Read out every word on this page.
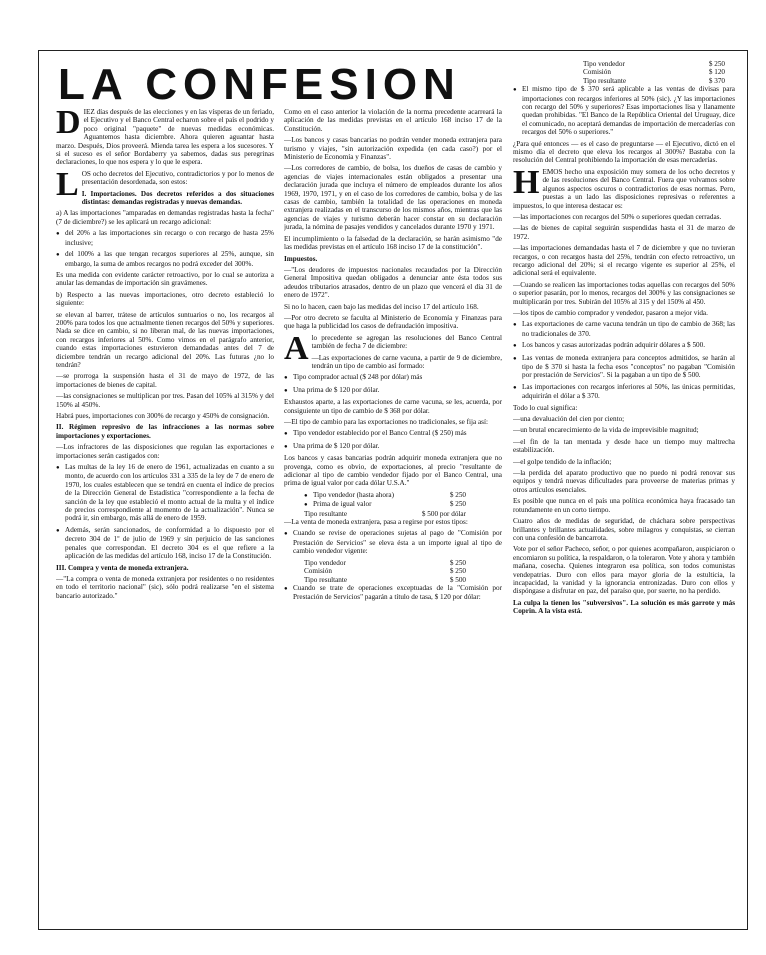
LA CONFESION

DIEZ días después de las elecciones y en las vísperas de un feriado, el Ejecutivo y el Banco Central echaron sobre el país el podrido y poco original "paquete" de nuevas medidas económicas. Aguantemos hasta diciembre. Ahora quieren aguantar hasta marzo. Después, Dios proveerá. Mienda tarea les espera a los sucesores. Y si el suceso es el señor Bordaberry ya sabemos, dadas sus peregrinas declaraciones, lo que nos espera y lo que le espera.

LOS ocho decretos del Ejecutivo, contradictorios y por lo menos de presentación desordenada, son estos:

I. Importaciones. Dos decretos referidos a dos situaciones distintas: demandas registradas y nuevas demandas.

a) A las importaciones "amparadas en demandas registradas hasta la fecha" (7 de diciembre?) se les aplicará un recargo adicional:

● del 20% a las importaciones sin recargo o con recargo de hasta 25% inclusive;

● del 100% a las que tengan recargos superiores al 25%, aunque, sin embargo, la suma de ambos recargos no podrá exceder del 300%.

Es una medida con evidente carácter retroactivo, por lo cual se autoriza a anular las demandas de importación sin gravámenes.

b) Respecto a las nuevas importaciones, otro decreto estableció lo siguiente:

se elevan al barrer, trátese de artículos suntuarios o no, los recargos al 200% para todos los que actualmente tienen recargos del 50% y superiores. Nada se dice en cambio, si no liberan mal, de las nuevas importaciones, con recargos inferiores al 50%. Como vimos en el parágrafo anterior, cuando estas importaciones estuvieron demandadas antes del 7 de diciembre tendrán un recargo adicional del 20%. Las futuras ¿no lo tendrán?

—se prorroga la suspensión hasta el 31 de mayo de 1972, de las importaciones de bienes de capital.

—las consignaciones se multiplican por tres. Pasan del 105% al 315% y del 150% al 450%.

Habrá pues, importaciones con 300% de recargo y 450% de consignación.

II. Régimen represivo de las infracciones a las normas sobre importaciones y exportaciones.

—Los infractores de las disposiciones que regulan las exportaciones e importaciones serán castigados con:

● Las multas de la ley 16 de enero de 1961, actualizadas en cuanto a su monto, de acuerdo con los artículos 331 a 335 de la ley de 7 de enero de 1970, los cuales establecen que se tendrá en cuenta el índice de precios de la Dirección General de Estadística "correspondiente a la fecha de sanción de la ley que estableció el monto actual de la multa y el índice de precios correspondiente al momento de la actualización". Nunca se podrá ir, sin embargo, más allá de enero de 1959.

● Además, serán sancionados, de conformidad a lo dispuesto por el decreto 304 de 1º de julio de 1969 y sin perjuicio de las sanciones penales que correspondan. El decreto 304 es el que refiere a la aplicación de las medidas del artículo 168, inciso 17 de la Constitución.

III. Compra y venta de moneda extranjera.

—"La compra o venta de moneda extranjera por residentes o no residentes en todo el territorio nacional" (sic), sólo podrá realizarse "en el sistema bancario autorizado."

Como en el caso anterior la violación de la norma precedente acarreará la aplicación de las medidas previstas en el artículo 168 inciso 17 de la Constitución.

—Los bancos y casas bancarias no podrán vender moneda extranjera para turismo y viajes, "sin autorización expedida (en cada caso?) por el Ministerio de Economía y Finanzas".

—Los corredores de cambio, de bolsa, los dueños de casas de cambio y agencias de viajes internacionales están obligados a presentar una declaración jurada que incluya el número de empleados durante los años 1969, 1970, 1971, y en el caso de los corredores de cambio, bolsa y de las casas de cambio, también la totalidad de las operaciones en moneda extranjera realizadas en el transcurso de los mismos años, mientras que las agencias de viajes y turismo deberán hacer constar en su declaración jurada, la nómina de pasajes vendidos y cancelados durante 1970 y 1971.

El incumplimiento o la falsedad de la declaración, se harán asimismo "de las medidas previstas en el artículo 168 inciso 17 de la constitución".

Impuestos.

—"Los deudores de impuestos nacionales recaudados por la Dirección General Impositiva quedan obligados a denunciar ante ésta todos sus adeudos tributarios atrasados, dentro de un plazo que vencerá el día 31 de enero de 1972".

Si no lo hacen, caen bajo las medidas del inciso 17 del artículo 168.

—Por otro decreto se faculta al Ministerio de Economía y Finanzas para que haga la publicidad los casos de defraudación impositiva.

Alo precedente se agregan las resoluciones del Banco Central también de fecha 7 de diciembre:

—Las exportaciones de carne vacuna, a partir de 9 de diciembre, tendrán un tipo de cambio así formado:

● Tipo comprador actual ($ 248 por dólar) más

● Una prima de $ 120 por dólar.

Exhaustos aparte, a las exportaciones de carne vacuna, se les, acuerda, por consiguiente un tipo de cambio de $ 368 por dólar.

—El tipo de cambio para las exportaciones no tradicionales, se fija así:

● Tipo vendedor establecido por el Banco Central ($ 250) más

● Una prima de $ 120 por dólar.

Los bancos y casas bancarias podrán adquirir moneda extranjera que no provenga, como es obvio, de exportaciones, al precio "resultante de adicionar al tipo de cambio vendedor fijado por el Banco Central, una prima de igual valor por cada dólar U.S.A."

● Tipo vendedor (hasta ahora)	$ 250
● Prima de igual valor	$ 250
Tipo resultante	$ 500 por dólar

—La venta de moneda extranjera, pasa a regirse por estos tipos:

● Cuando se revise de operaciones sujetas al pago de "Comisión por Prestación de Servicios" se eleva ésta a un importe igual al tipo de cambio vendedor vigente:

Tipo vendedor	$ 250
Comisión	$ 250
Tipo resultante	$ 500

● Cuando se trate de operaciones exceptuadas de la "Comisión por Prestación de Servicios" pagarán a título de tasa, $ 120 por dólar:

Tipo vendedor	$ 250
Comisión	$ 120
Tipo resultante	$ 370

● El mismo tipo de $ 370 será aplicable a las ventas de divisas para importaciones con recargos inferiores al 50% (sic). ¿Y las importaciones con recargo del 50% y superiores? Esas importaciones lisa y llanamente quedan prohibidas. "El Banco de la República Oriental del Uruguay, dice el comunicado, no aceptará demandas de importación de mercaderías con recargos del 50% o superiores."

¿Para qué entonces — es el caso de preguntarse — el Ejecutivo, dictó en el mismo día el decreto que eleva los recargos al 300%? Bastaba con la resolución del Central prohibiendo la importación de esas mercaderías.

HEMOS hecho una exposición muy somera de los ocho decretos y de las resoluciones del Banco Central. Fuera que volvamos sobre algunos aspectos oscuros o contradictorios de esas normas. Pero, puestas a un lado las disposiciones represivas o referentes a impuestos, lo que interesa destacar es:

—las importaciones con recargos del 50% o superiores quedan cerradas.

—las de bienes de capital seguirán suspendidas hasta el 31 de marzo de 1972.

—las importaciones demandadas hasta el 7 de diciembre y que no tuvieran recargos, o con recargos hasta del 25%, tendrán con efecto retroactivo, un recargo adicional del 20%; si el recargo vigente es superior al 25%, el adicional será el equivalente.

—Cuando se realicen las importaciones todas aquellas con recargos del 50% o superior pasarán, por lo menos, recargos del 300% y las consignaciones se multiplicarán por tres. Subirán del 105% al 315 y del 150% al 450.

—los tipos de cambio comprador y vendedor, pasaron a mejor vida.

● Las exportaciones de carne vacuna tendrán un tipo de cambio de 368; las no tradicionales de 370.

● Los bancos y casas autorizadas podrán adquirir dólares a $ 500.

● Las ventas de moneda extranjera para conceptos admitidos, se harán al tipo de $ 370 si hasta la fecha esos "conceptos" no pagaban "Comisión por prestación de Servicios". Si la pagaban a un tipo de $ 500.

● Las importaciones con recargos inferiores al 50%, las únicas permitidas, adquirirán el dólar a $ 370.

Todo lo cual significa:

—una devaluación del cien por ciento;

—un brutal encarecimiento de la vida de imprevisible magnitud;

—el fin de la tan mentada y desde hace un tiempo muy maltrecha estabilización.

—el golpe tendido de la inflación;

—la perdida del aparato productivo que no puedo ni podrá renovar sus equipos y tendrá nuevas dificultades para proveerse de materias primas y otros artículos esenciales.

Es posible que nunca en el país una política económica haya fracasado tan rotundamente en un corto tiempo.

Cuatro años de medidas de seguridad, de cháchara sobre perspectivas brillantes y brillantes actualidades, sobre milagros y conquistas, se cierran con una confesión de bancarrota.

Vote por el señor Pacheco, señor, o por quienes acompañaron, auspiciaron o encomiaron su política, la respaldaron, o la toleraron. Vote y ahora y también mañana, cosecha. Quienes integraron esa política, son todos comunistas vendepatrias. Duro con ellos para mayor gloria de la estulticia, la incapacidad, la vanidad y la ignorancia entronizadas. Duro con ellos y dispóngase a disfrutar en paz, del paraíso que, por suerte, no ha perdido.

La culpa la tienen los "subversivos". La solución es más garrote y más Coprin. A la vista está.
